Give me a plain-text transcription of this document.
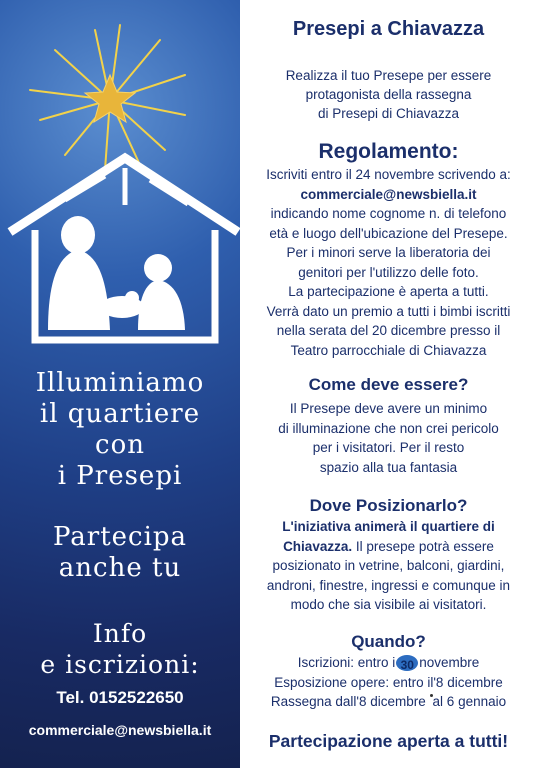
Illuminiamo
il quartiere
con
i Presepi
Partecipa
anche tu
Info
e iscrizioni:
Tel. 0152522650
commerciale@newsbiella.it
Presepi a Chiavazza
Realizza il tuo Presepe per essere
protagonista della rassegna
di Presepi di Chiavazza
Regolamento:
Iscriviti entro il 24 novembre scrivendo a:
commerciale@newsbiella.it
indicando nome cognome n. di telefono
età e luogo dell'ubicazione del Presepe.
Per i minori serve la liberatoria dei
genitori per l'utilizzo delle foto.
La partecipazione è aperta a tutti.
Verrà dato un premio a tutti i bimbi iscritti
nella serata del 20 dicembre presso il
Teatro parrocchiale di Chiavazza
Come deve essere?
Il Presepe deve avere un minimo
di illuminazione che non crei pericolo
per i visitatori. Per il resto
spazio alla tua fantasia
Dove Posizionarlo?
L'iniziativa animerà il quartiere di
Chiavazza. Il presepe potrà essere
posizionato in vetrine, balconi, giardini,
androni, finestre, ingressi e comunque in
modo che sia visibile ai visitatori.
Quando?
Iscrizioni: entro i 30 novembre
Esposizione opere: entro il'8 dicembre
Rassegna dall'8 dicembre al 6 gennaio
Partecipazione aperta a tutti!
